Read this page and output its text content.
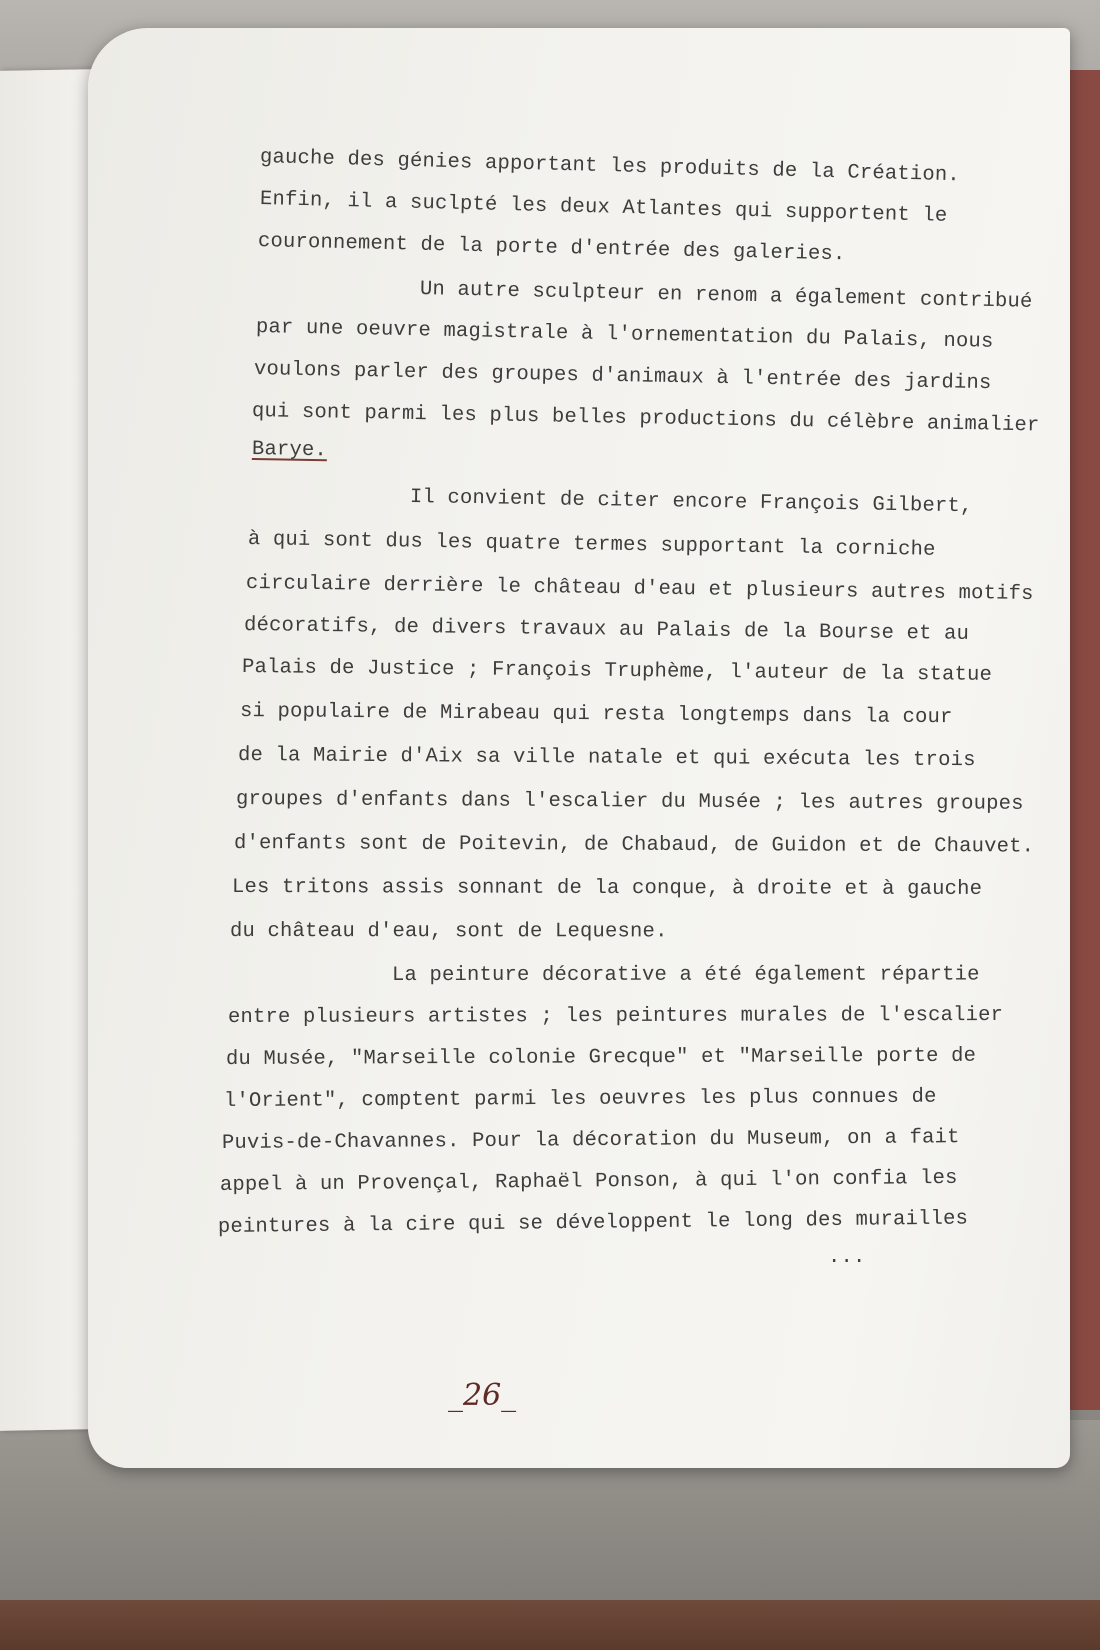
gauche des génies apportant les produits de la Création.
Enfin, il a suclpté les deux Atlantes qui supportent le
couronnement de la porte d'entrée des galeries.
Un autre sculpteur en renom a également contribué
par une oeuvre magistrale à l'ornementation du Palais, nous
voulons parler des groupes d'animaux à l'entrée des jardins
qui sont parmi les plus belles productions du célèbre animalier
Barye.
Il convient de citer encore François Gilbert,
à qui sont dus les quatre termes supportant la corniche
circulaire derrière le château d'eau et plusieurs autres motifs
décoratifs, de divers travaux au Palais de la Bourse et au
Palais de Justice ; François Truphème, l'auteur de la statue
si populaire de Mirabeau qui resta longtemps dans la cour
de la Mairie d'Aix sa ville natale et qui exécuta les trois
groupes d'enfants dans l'escalier du Musée ; les autres groupes
d'enfants sont de Poitevin, de Chabaud, de Guidon et de Chauvet.
Les tritons assis sonnant de la conque, à droite et à gauche
du château d'eau, sont de Lequesne.
La peinture décorative a été également répartie
entre plusieurs artistes ; les peintures murales de l'escalier
du Musée, "Marseille colonie Grecque" et "Marseille porte de
l'Orient", comptent parmi les oeuvres les plus connues de
Puvis-de-Chavannes. Pour la décoration du Museum, on a fait
appel à un Provençal, Raphaël Ponson, à qui l'on confia les
peintures à la cire qui se développent le long des murailles
...
_26_
